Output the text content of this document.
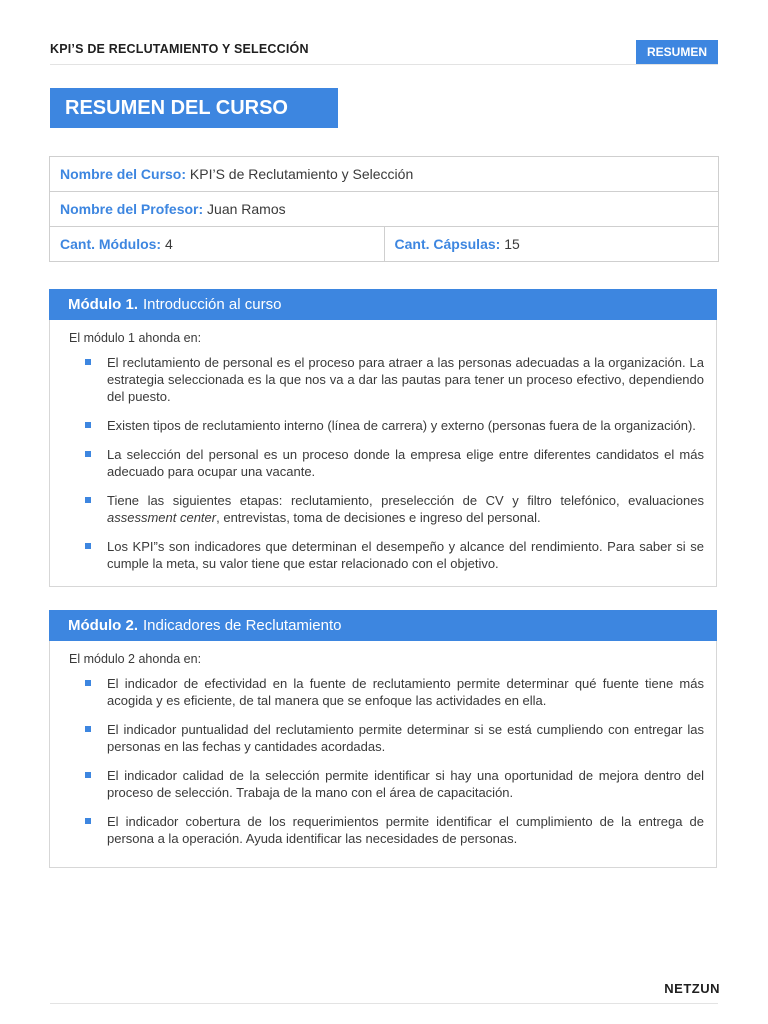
KPI’S DE RECLUTAMIENTO Y SELECCIÓN	RESUMEN
RESUMEN DEL CURSO
Nombre del Curso: KPI’S de Reclutamiento y Selección
Nombre del Profesor: Juan Ramos
Cant. Módulos: 4	Cant. Cápsulas: 15
Módulo 1. Introducción al curso

El módulo 1 ahonda en:

El reclutamiento de personal es el proceso para atraer a las personas adecuadas a la organización. La estrategia seleccionada es la que nos va a dar las pautas para tener un proceso efectivo, dependiendo del puesto.
Existen tipos de reclutamiento interno (línea de carrera) y externo (personas fuera de la organización).
La selección del personal es un proceso donde la empresa elige entre diferentes candidatos el más adecuado para ocupar una vacante.
Tiene las siguientes etapas: reclutamiento, preselección de CV y filtro telefónico, evaluaciones assessment center, entrevistas, toma de decisiones e ingreso del personal.
Los KPI”s son indicadores que determinan el desempeño y alcance del rendimiento. Para saber si se cumple la meta, su valor tiene que estar relacionado con el objetivo.
Módulo 2. Indicadores de Reclutamiento

El módulo 2 ahonda en:

El indicador de efectividad en la fuente de reclutamiento permite determinar qué fuente tiene más acogida y es eficiente, de tal manera que se enfoque las actividades en ella.
El indicador puntualidad del reclutamiento permite determinar si se está cumpliendo con entregar las personas en las fechas y cantidades acordadas.
El indicador calidad de la selección permite identificar si hay una oportunidad de mejora dentro del proceso de selección. Trabaja de la mano con el área de capacitación.
El indicador cobertura de los requerimientos permite identificar el cumplimiento de la entrega de persona a la operación. Ayuda identificar las necesidades de personas.
NETZUN
